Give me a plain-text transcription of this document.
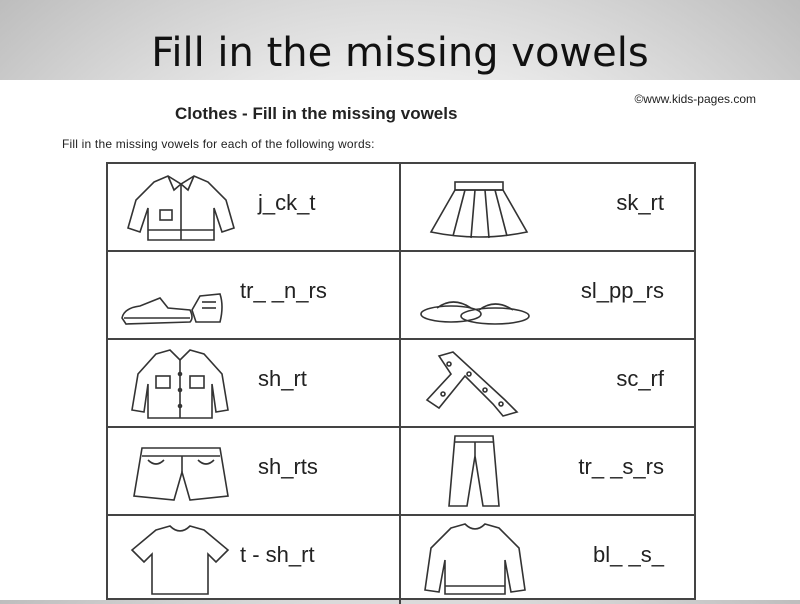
Fill in the missing vowels
©www.kids-pages.com
Clothes - Fill in the missing vowels
Fill in the missing vowels for each of the following words:
j_ck_t	sk_rt
tr_ _n_rs	sl_pp_rs
sh_rt	sc_rf
sh_rts	tr_ _s_rs
t - sh_rt	bl_ _s_
